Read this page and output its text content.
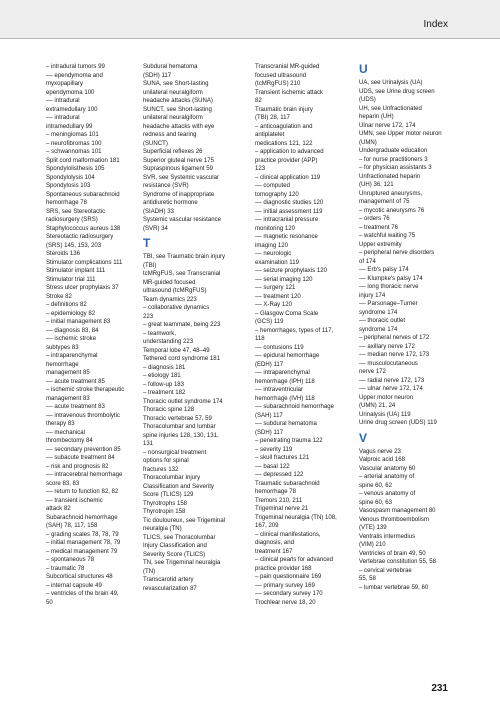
Index
– intradural tumors 99
–– ependymoma and
myxopapillary
ependymoma 100
–– intradural
extramedullary 100
–– intradural
intramedullary 99
– meningiomas 101
– neurofibromas 100
– schwannomas 101
Split cord malformation 181
Spondylolisthesis 105
Spondylolysis 104
Spondylosis 103
Spontaneous subarachnoid
hemorrhage 78
SRS, see Stereotactic
radiosurgery (SRS)
Staphylococcus aureus 138
Stereotactic radiosurgery
(SRS) 145, 153, 203
Steroids 136
Stimulator complications 111
Stimulator implant 111
Stimulator trial 111
Stress ulcer prophylaxis 37
Stroke 82
– definitions 82
– epidemiology 82
– initial management 83
–– diagnosis 83, 84
–– ischemic stroke
subtypes 83
– intraparenchymal
hemorrhage
management 85
–– acute treatment 85
– ischemic stroke therapeutic
management 83
–– acute treatment 83
–– intravenous thrombolytic
therapy 83
–– mechanical
thrombectomy 84
–– secondary prevention 85
–– subacute treatment 84
– risk and prognosis 82
–– intracerebral hemorrhage
score 83, 83
–– return to function 82, 82
–– transient ischemic
attack 82
Subarachnoid hemorrhage
(SAH) 78, 117, 158
– grading scales 78, 78, 79
– initial management 78, 79
– medical management 79
– spontaneous 78
– traumatic 78
Subcortical structures 48
– internal capsule 49
– ventricles of the brain 49,
50
Subdural hematoma
(SDH) 117
SUNA, see Short-lasting
unilateral neuralgiform
headache attacks (SUNA)
SUNCT, see Short-lasting
unilateral neuralgiform
headache attacks with eye
redness and tearing
(SUNCT)
Superficial reflexes 26
Superior gluteal nerve 175
Supraspinous ligament 59
SVR, see Systemic vascular
resistance (SVR)
Syndrome of inappropriate
antidiuretic hormone
(SIADH) 33
Systemic vascular resistance
(SVR) 34
T
TBI, see Traumatic brain injury
(TBI)
tcMRgFUS, see Transcranial
MR-guided focused
ultrasound (tcMRgFUS)
Team dynamics 223
– collaborative dynamics
223
– great teammate, being 223
– teamwork,
understanding 223
Temporal lobe 47, 48–49
Tethered cord syndrome 181
– diagnosis 181
– etiology 181
– follow-up 183
– treatment 182
Thoracic outlet syndrome 174
Thoracic spine 128
Thoracic vertebrae 57, 59
Thoracolumbar and lumbar
spine injuries 128, 130, 131,
131
– nonsurgical treatment
options for spinal
fractures 132
Thoracolumbar Injury
Classification and Severity
Score (TLICS) 129
Thyrotrophs 158
Thyrotropin 158
Tic douloureux, see Trigeminal
neuralgia (TN)
TLICS, see Thoracolumbar
Injury Classification and
Severity Score (TLICS)
TN, see Trigeminal neuralgia
(TN)
Transcarotid artery
revascularization 87
Transcranial MR-guided
focused ultrasound
(tcMRgFUS) 210
Transient ischemic attack
82
Traumatic brain injury
(TBI) 28, 117
– anticoagulation and
antiplatelet
medications 121, 122
– application to advanced
practice provider (APP)
123
– clinical application 119
–– computed
tomography 120
–– diagnostic studies 120
–– initial assessment 119
–– intracranial pressure
monitoring 120
–– magnetic resonance
imaging 120
–– neurologic
examination 119
–– seizure prophylaxis 120
–– serial imaging 120
–– surgery 121
–– treatment 120
–– X-Ray 120
– Glasgow Coma Scale
(GCS) 119
– hemorrhages, types of 117,
118
–– contusions 119
–– epidural hemorrhage
(EDH) 117
–– intraparenchymal
hemorrhage (IPH) 118
–– intraventricular
hemorrhage (IVH) 118
–– subarachnoid hemorrhage
(SAH) 117
–– subdural hematoma
(SDH) 117
– penetrating trauma 122
– severity 119
– skull fractures 121
–– basal 122
–– depressed 122
Traumatic subarachnoid
hemorrhage 78
Tremors 210, 211
Trigeminal nerve 21
Trigeminal neuralgia (TN) 108,
167, 209
– clinical manifestations,
diagnosis, and
treatment 167
– clinical pearls for advanced
practice provider 168
– pain questionnaire 169
–– primary survey 169
–– secondary survey 170
Trochlear nerve 18, 20
U
UA, see Urinalysis (UA)
UDS, see Urine drug screen
(UDS)
UH, see Unfractionated
heparin (UH)
Ulnar nerve 172, 174
UMN, see Upper motor neuron
(UMN)
Undergraduate education
– for nurse practitioners 3
– for physician assistants 3
Unfractionated heparin
(UH) 36, 121
Unruptured aneurysms,
management of 75
– mycotic aneurysms 76
– orders 76
– treatment 76
– watchful waiting 75
Upper extremity
– peripheral nerve disorders
of 174
–– Erb's palsy 174
–– Klumpke's palsy 174
–– long thoracic nerve
injury 174
–– Parsonage–Turner
syndrome 174
–– thoracic outlet
syndrome 174
– peripheral nerves of 172
–– axillary nerve 172
–– median nerve 172, 173
–– musculocutaneous
nerve 172
–– radial nerve 172, 173
–– ulnar nerve 172, 174
Upper motor neuron
(UMN) 21, 24
Urinalysis (UA) 119
Urine drug screen (UDS) 119
V
Vagus nerve 23
Valproic acid 168
Vascular anatomy 60
– arterial anatomy of
spine 60, 62
– venous anatomy of
spine 60, 63
Vasospasm management 80
Venous thromboembolism
(VTE) 139
Ventralis intermedius
(VIM) 210
Ventricles of brain 49, 50
Vertebrae constitution 55, 58
– cervical vertebrae
55, 58
– lumbar vertebrae 59, 60
231
